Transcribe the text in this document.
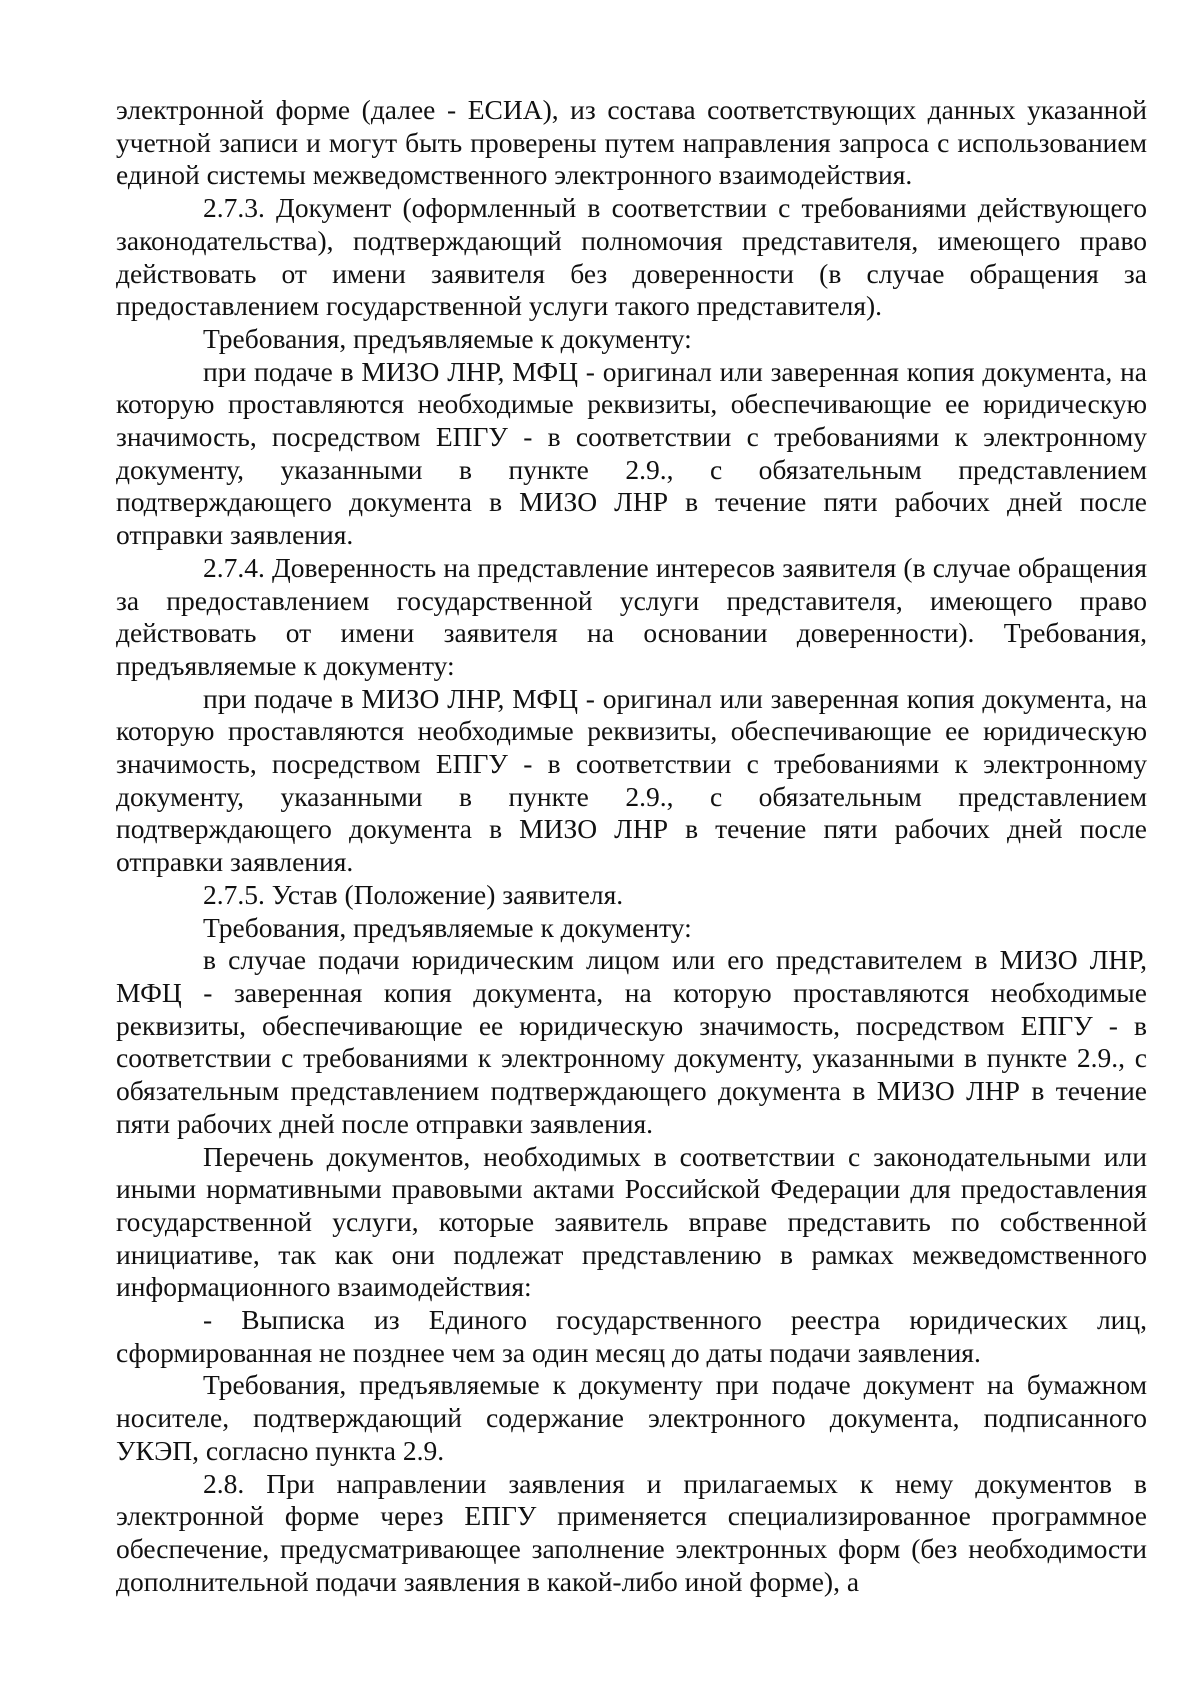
электронной форме (далее - ЕСИА), из состава соответствующих данных указанной учетной записи и могут быть проверены путем направления запроса с использованием единой системы межведомственного электронного взаимодействия.

2.7.3. Документ (оформленный в соответствии с требованиями действующего законодательства), подтверждающий полномочия представителя, имеющего право действовать от имени заявителя без доверенности (в случае обращения за предоставлением государственной услуги такого представителя).

Требования, предъявляемые к документу:

при подаче в МИЗО ЛНР, МФЦ - оригинал или заверенная копия документа, на которую проставляются необходимые реквизиты, обеспечивающие ее юридическую значимость, посредством ЕПГУ - в соответствии с требованиями к электронному документу, указанными в пункте 2.9., с обязательным представлением подтверждающего документа в МИЗО ЛНР в течение пяти рабочих дней после отправки заявления.

2.7.4. Доверенность на представление интересов заявителя (в случае обращения за предоставлением государственной услуги представителя, имеющего право действовать от имени заявителя на основании доверенности). Требования, предъявляемые к документу:

при подаче в МИЗО ЛНР, МФЦ - оригинал или заверенная копия документа, на которую проставляются необходимые реквизиты, обеспечивающие ее юридическую значимость, посредством ЕПГУ - в соответствии с требованиями к электронному документу, указанными в пункте 2.9., с обязательным представлением подтверждающего документа в МИЗО ЛНР в течение пяти рабочих дней после отправки заявления.

2.7.5. Устав (Положение) заявителя.

Требования, предъявляемые к документу:

в случае подачи юридическим лицом или его представителем в МИЗО ЛНР, МФЦ - заверенная копия документа, на которую проставляются необходимые реквизиты, обеспечивающие ее юридическую значимость, посредством ЕПГУ - в соответствии с требованиями к электронному документу, указанными в пункте 2.9., с обязательным представлением подтверждающего документа в МИЗО ЛНР в течение пяти рабочих дней после отправки заявления.

Перечень документов, необходимых в соответствии с законодательными или иными нормативными правовыми актами Российской Федерации для предоставления государственной услуги, которые заявитель вправе представить по собственной инициативе, так как они подлежат представлению в рамках межведомственного информационного взаимодействия:

- Выписка из Единого государственного реестра юридических лиц, сформированная не позднее чем за один месяц до даты подачи заявления.

Требования, предъявляемые к документу при подаче документ на бумажном носителе, подтверждающий содержание электронного документа, подписанного УКЭП, согласно пункта 2.9.

2.8. При направлении заявления и прилагаемых к нему документов в электронной форме через ЕПГУ применяется специализированное программное обеспечение, предусматривающее заполнение электронных форм (без необходимости дополнительной подачи заявления в какой-либо иной форме), а
